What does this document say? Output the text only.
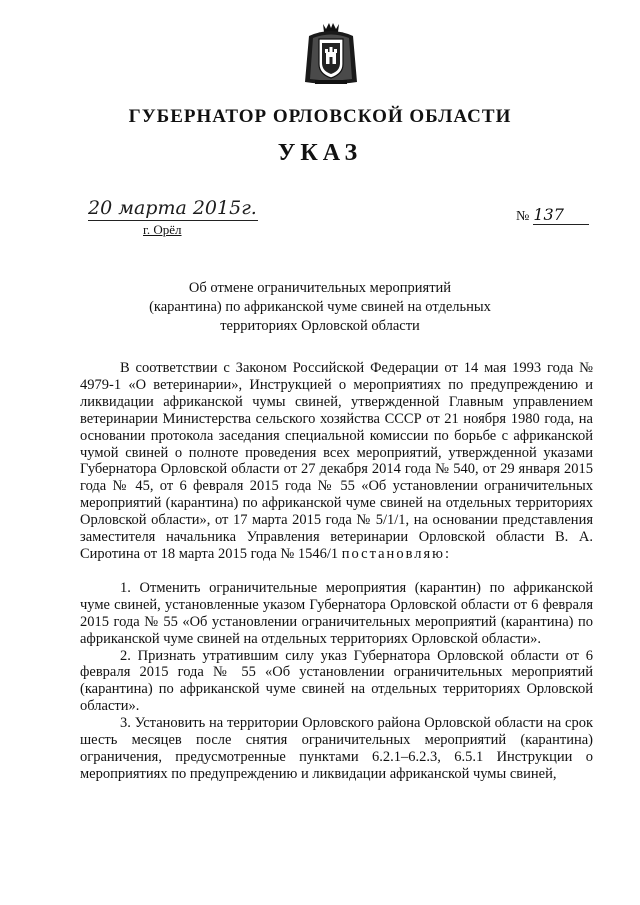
ГУБЕРНАТОР ОРЛОВСКОЙ ОБЛАСТИ
УКАЗ
20 марта 2015г.
г. Орёл
№ 137
Об отмене ограничительных мероприятий
(карантина) по африканской чуме свиней на отдельных
территориях Орловской области

В соответствии с Законом Российской Федерации от 14 мая 1993 года № 4979-1 «О ветеринарии», Инструкцией о мероприятиях по предупреждению и ликвидации африканской чумы свиней, утвержденной Главным управлением ветеринарии Министерства сельского хозяйства СССР от 21 ноября 1980 года, на основании протокола заседания специальной комиссии по борьбе с африканской чумой свиней о полноте проведения всех мероприятий, утвержденной указами Губернатора Орловской области от 27 декабря 2014 года № 540, от 29 января 2015 года № 45, от 6 февраля 2015 года № 55 «Об установлении ограничительных мероприятий (карантина) по африканской чуме свиней на отдельных территориях Орловской области», от 17 марта 2015 года № 5/1/1, на основании представления заместителя начальника Управления ветеринарии Орловской области В. А. Сиротина от 18 марта 2015 года № 1546/1 постановляю:

1. Отменить ограничительные мероприятия (карантин) по африканской чуме свиней, установленные указом Губернатора Орловской области от 6 февраля 2015 года № 55 «Об установлении ограничительных мероприятий (карантина) по африканской чуме свиней на отдельных территориях Орловской области».

2. Признать утратившим силу указ Губернатора Орловской области от 6 февраля 2015 года № 55 «Об установлении ограничительных мероприятий (карантина) по африканской чуме свиней на отдельных территориях Орловской области».

3. Установить на территории Орловского района Орловской области на срок шесть месяцев после снятия ограничительных мероприятий (карантина) ограничения, предусмотренные пунктами 6.2.1–6.2.3, 6.5.1 Инструкции о мероприятиях по предупреждению и ликвидации африканской чумы свиней,
